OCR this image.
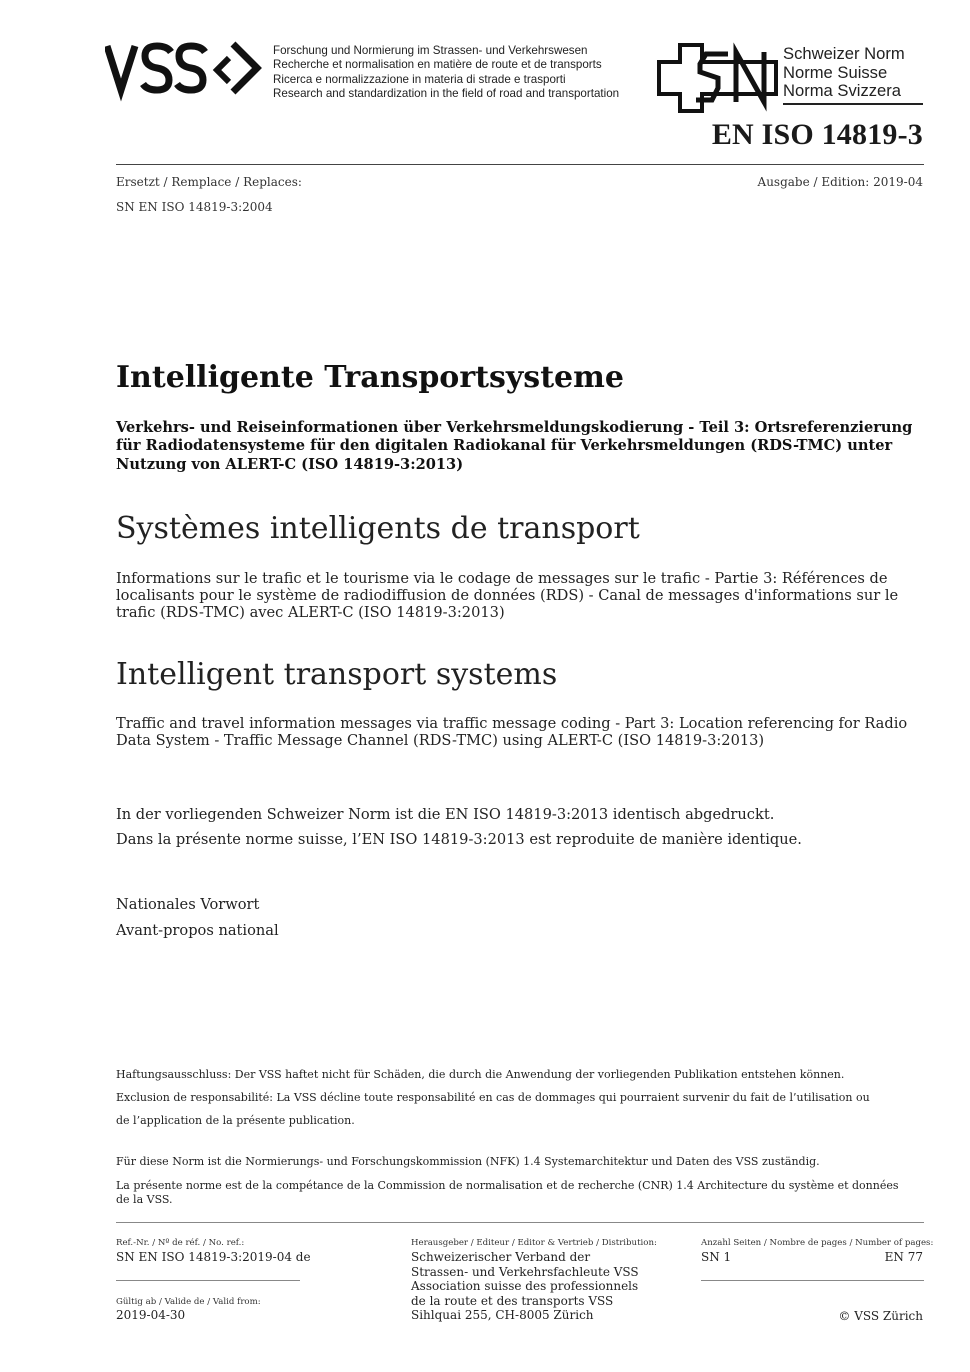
Forschung und Normierung im Strassen- und Verkehrswesen
Recherche et normalisation en matière de route et de transports
Ricerca e normalizzazione in materia di strade e trasporti
Research and standardization in the field of road and transportation
Schweizer Norm
Norme Suisse
Norma Svizzera
EN ISO 14819-3
Ersetzt / Remplace / Replaces:	Ausgabe / Edition: 2019-04
SN EN ISO 14819-3:2004
Intelligente Transportsysteme
Verkehrs- und Reiseinformationen über Verkehrsmeldungskodierung - Teil 3: Ortsreferenzierung für Radiodatensysteme für den digitalen Radiokanal für Verkehrsmeldungen (RDS-TMC) unter Nutzung von ALERT-C (ISO 14819-3:2013)
Systèmes intelligents de transport
Informations sur le trafic et le tourisme via le codage de messages sur le trafic - Partie 3: Références de localisants pour le système de radiodiffusion de données (RDS) - Canal de messages d'informations sur le trafic (RDS-TMC) avec ALERT-C (ISO 14819-3:2013)
Intelligent transport systems
Traffic and travel information messages via traffic message coding - Part 3: Location referencing for Radio Data System - Traffic Message Channel (RDS-TMC) using ALERT-C (ISO 14819-3:2013)
In der vorliegenden Schweizer Norm ist die EN ISO 14819-3:2013 identisch abgedruckt.
Dans la présente norme suisse, l’EN ISO 14819-3:2013 est reproduite de manière identique.
Nationales Vorwort
Avant-propos national
Haftungsausschluss: Der VSS haftet nicht für Schäden, die durch die Anwendung der vorliegenden Publikation entstehen können.
Exclusion de responsabilité: La VSS décline toute responsabilité en cas de dommages qui pourraient survenir du fait de l’utilisation ou
de l’application de la présente publication.
Für diese Norm ist die Normierungs- und Forschungskommission (NFK) 1.4 Systemarchitektur und Daten des VSS zuständig.
La présente norme est de la compétance de la Commission de normalisation et de recherche (CNR) 1.4 Architecture du système et données de la VSS.
Ref.-Nr. / Nº de réf. / No. ref.:
SN EN ISO 14819-3:2019-04 de
Gültig ab / Valide de / Valid from:
2019-04-30
Herausgeber / Editeur / Editor & Vertrieb / Distribution:
Schweizerischer Verband der
Strassen- und Verkehrsfachleute VSS
Association suisse des professionnels
de la route et des transports VSS
Sihlquai 255, CH-8005 Zürich
Anzahl Seiten / Nombre de pages / Number of pages:
SN 1	EN 77
© VSS Zürich
